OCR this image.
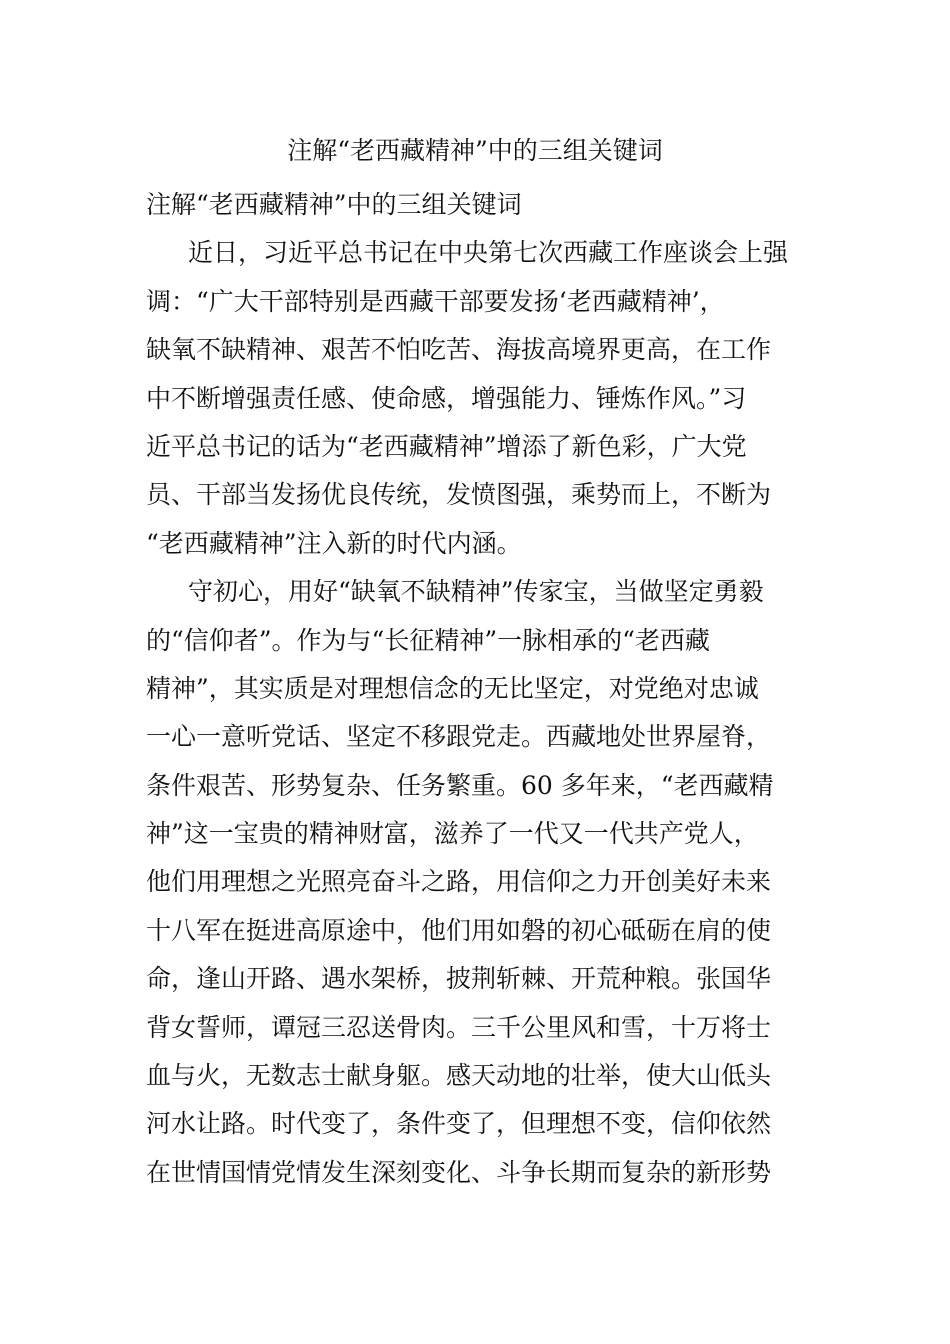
注解“老西藏精神”中的三组关键词
注解“老西藏精神”中的三组关键词
近日，习近平总书记在中央第七次西藏工作座谈会上强
调：“广大干部特别是西藏干部要发扬‘老西藏精神’，
缺氧不缺精神、艰苦不怕吃苦、海拔高境界更高，在工作
中不断增强责任感、使命感，增强能力、锤炼作风。”习
近平总书记的话为“老西藏精神”增添了新色彩，广大党
员、干部当发扬优良传统，发愤图强，乘势而上，不断为
“老西藏精神”注入新的时代内涵。
守初心，用好“缺氧不缺精神”传家宝，当做坚定勇毅
的“信仰者”。作为与“长征精神”一脉相承的“老西藏
精神”，其实质是对理想信念的无比坚定，对党绝对忠诚
一心一意听党话、坚定不移跟党走。西藏地处世界屋脊，
条件艰苦、形势复杂、任务繁重。60 多年来，“老西藏精
神”这一宝贵的精神财富，滋养了一代又一代共产党人，
他们用理想之光照亮奋斗之路，用信仰之力开创美好未来
十八军在挺进高原途中，他们用如磐的初心砥砺在肩的使
命，逢山开路、遇水架桥，披荆斩棘、开荒种粮。张国华
背女誓师，谭冠三忍送骨肉。三千公里风和雪，十万将士
血与火，无数志士献身躯。感天动地的壮举，使大山低头
河水让路。时代变了，条件变了，但理想不变，信仰依然
在世情国情党情发生深刻变化、斗争长期而复杂的新形势
